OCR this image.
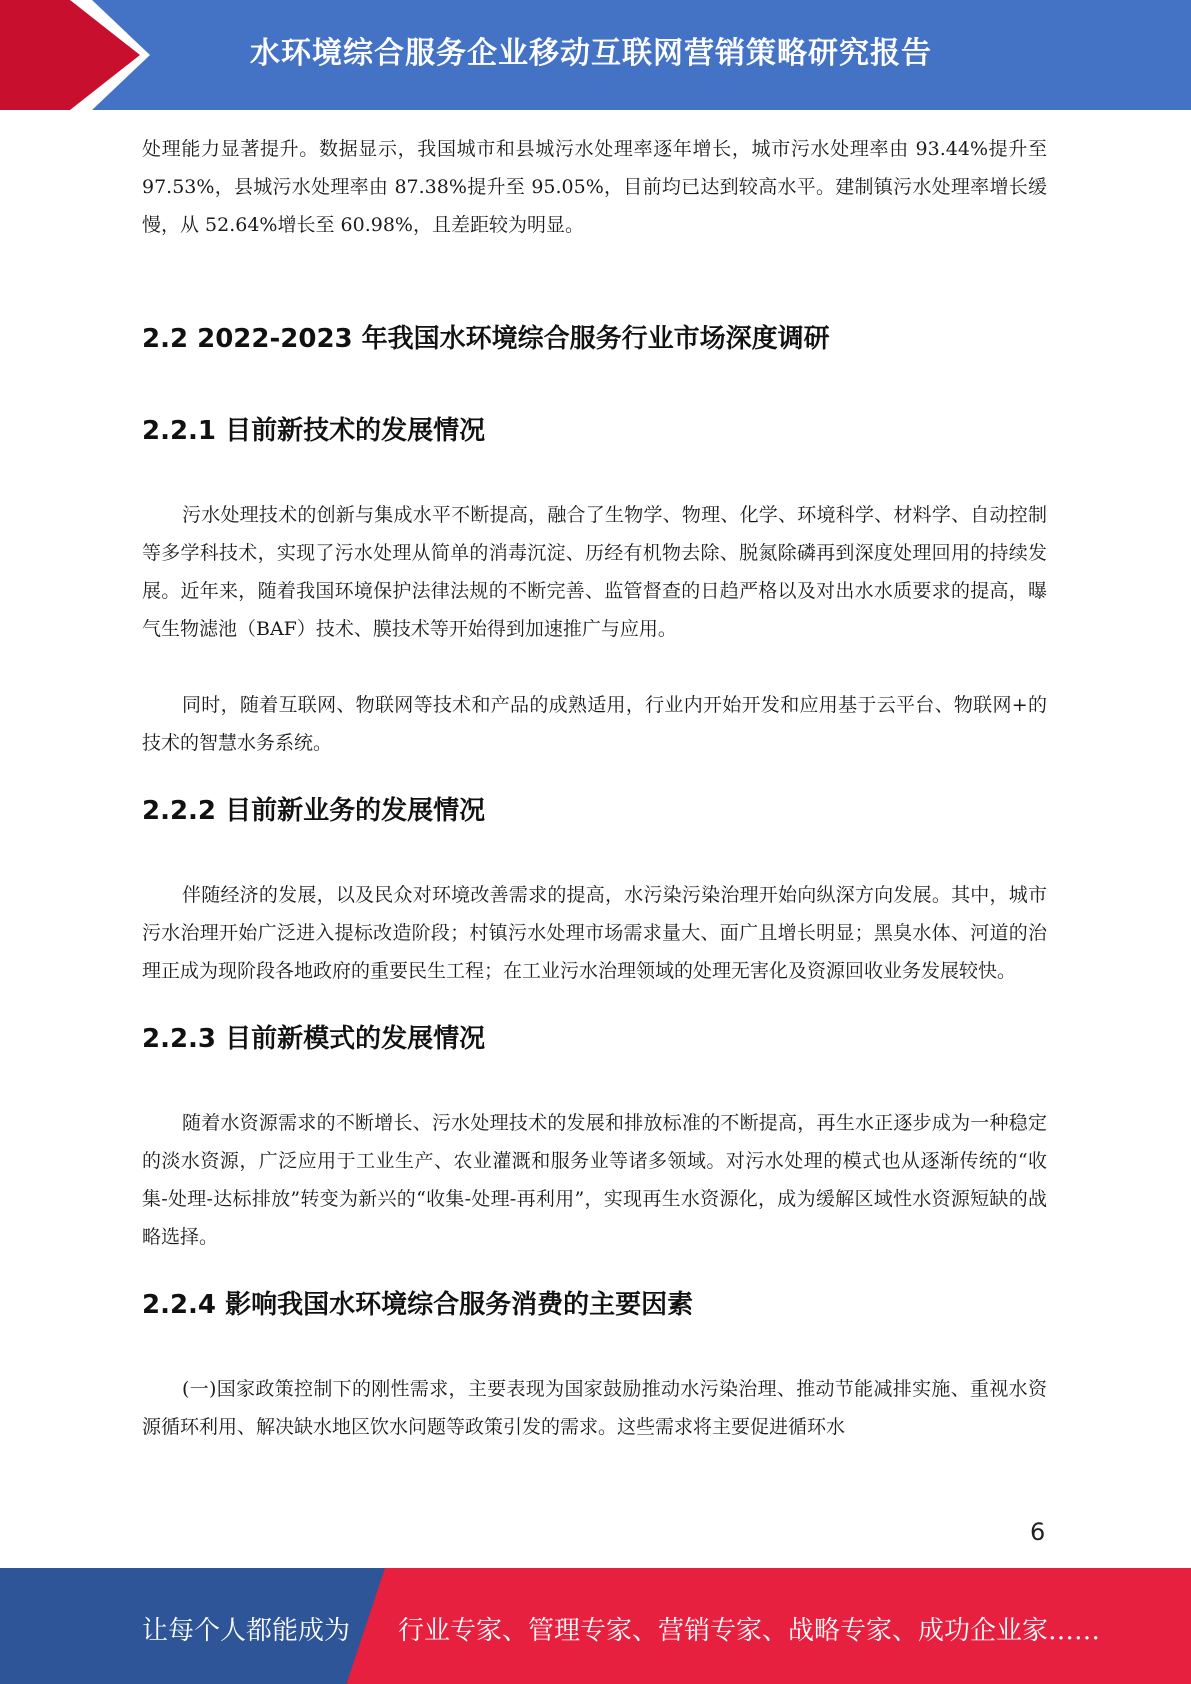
水环境综合服务企业移动互联网营销策略研究报告

处理能力显著提升。数据显示，我国城市和县城污水处理率逐年增长，城市污水处理率由 93.44%提升至 97.53%，县城污水处理率由 87.38%提升至 95.05%，目前均已达到较高水平。建制镇污水处理率增长缓慢，从 52.64%增长至 60.98%，且差距较为明显。

2.2 2022-2023 年我国水环境综合服务行业市场深度调研
2.2.1 目前新技术的发展情况

污水处理技术的创新与集成水平不断提高，融合了生物学、物理、化学、环境科学、材料学、自动控制等多学科技术，实现了污水处理从简单的消毒沉淀、历经有机物去除、脱氮除磷再到深度处理回用的持续发展。近年来，随着我国环境保护法律法规的不断完善、监管督查的日趋严格以及对出水水质要求的提高，曝气生物滤池（BAF）技术、膜技术等开始得到加速推广与应用。

同时，随着互联网、物联网等技术和产品的成熟适用，行业内开始开发和应用基于云平台、物联网+的技术的智慧水务系统。

2.2.2 目前新业务的发展情况

伴随经济的发展，以及民众对环境改善需求的提高，水污染污染治理开始向纵深方向发展。其中，城市污水治理开始广泛进入提标改造阶段；村镇污水处理市场需求量大、面广且增长明显；黑臭水体、河道的治理正成为现阶段各地政府的重要民生工程；在工业污水治理领域的处理无害化及资源回收业务发展较快。

2.2.3 目前新模式的发展情况

随着水资源需求的不断增长、污水处理技术的发展和排放标准的不断提高，再生水正逐步成为一种稳定的淡水资源，广泛应用于工业生产、农业灌溉和服务业等诸多领域。对污水处理的模式也从逐渐传统的“收集-处理-达标排放”转变为新兴的“收集-处理-再利用”，实现再生水资源化，成为缓解区域性水资源短缺的战略选择。

2.2.4 影响我国水环境综合服务消费的主要因素

(一)国家政策控制下的刚性需求，主要表现为国家鼓励推动水污染治理、推动节能减排实施、重视水资源循环利用、解决缺水地区饮水问题等政策引发的需求。这些需求将主要促进循环水

6
让每个人都能成为 行业专家、管理专家、营销专家、战略专家、成功企业家……
